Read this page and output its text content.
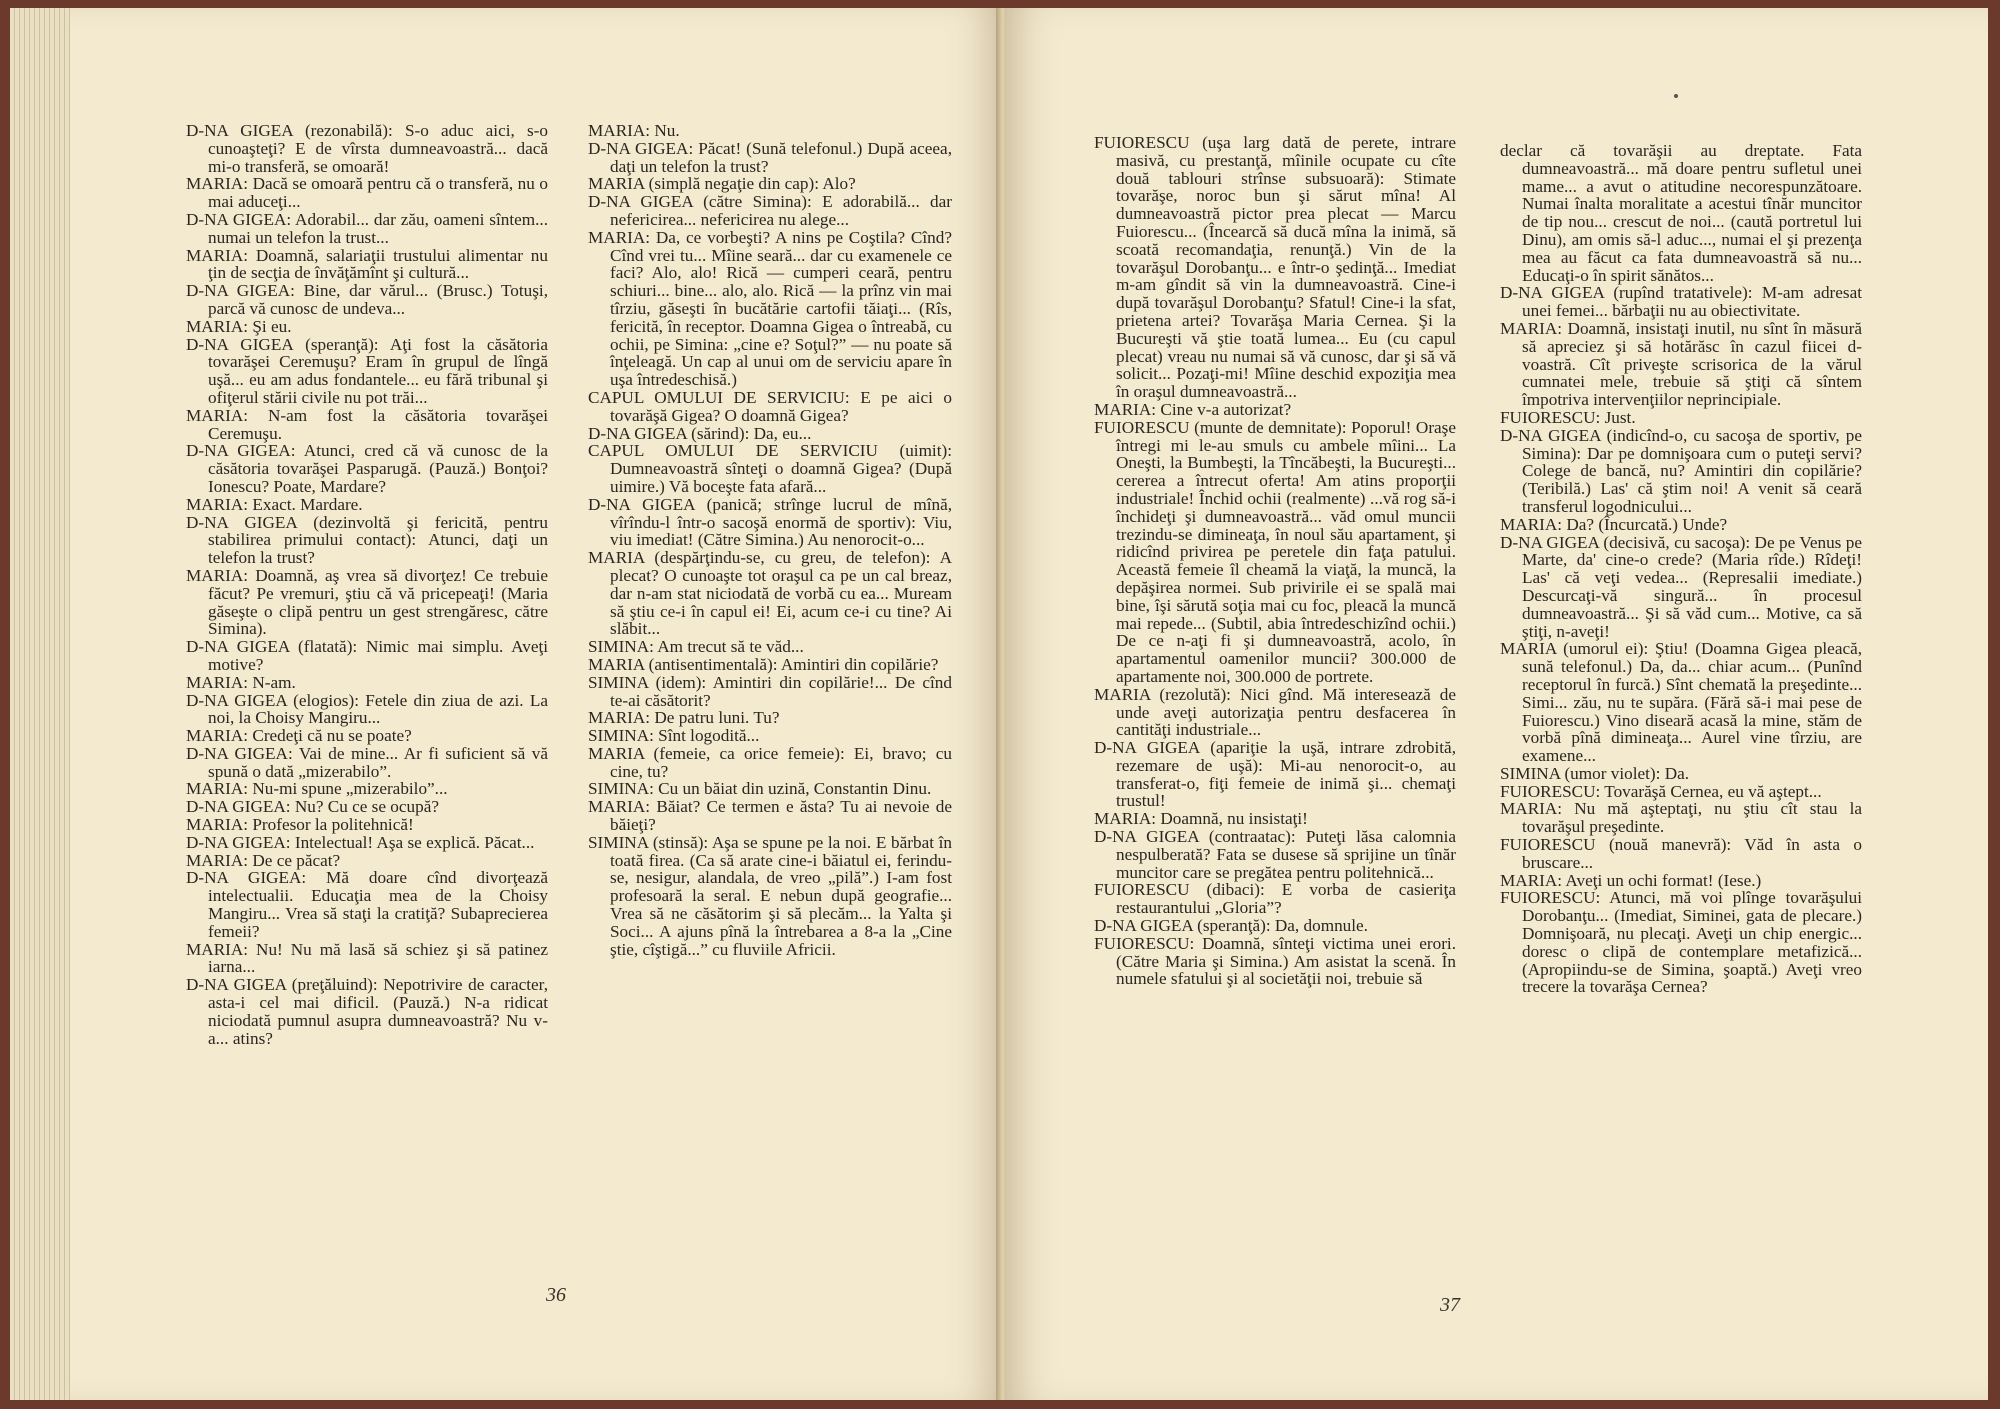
D-NA GIGEA (rezonabilă): S-o aduc aici, s-o cunoaşteţi? E de vîrsta dumneavoastră... dacă mi-o transferă, se omoară!

MARIA: Dacă se omoară pentru că o transferă, nu o mai aduceţi...

D-NA GIGEA: Adorabil... dar zău, oameni sîntem... numai un telefon la trust...

MARIA: Doamnă, salariaţii trustului alimentar nu ţin de secţia de învăţămînt şi cultură...

D-NA GIGEA: Bine, dar vărul... (Brusc.) Totuşi, parcă vă cunosc de undeva...

MARIA: Şi eu.

D-NA GIGEA (speranţă): Aţi fost la căsătoria tovarăşei Ceremuşu? Eram în grupul de lîngă uşă... eu am adus fondantele... eu fără tribunal şi ofiţerul stării civile nu pot trăi...

MARIA: N-am fost la căsătoria tovarăşei Ceremuşu.

D-NA GIGEA: Atunci, cred că vă cunosc de la căsătoria tovarăşei Pasparugă. (Pauză.) Bonţoi? Ionescu? Poate, Mardare?

MARIA: Exact. Mardare.

D-NA GIGEA (dezinvoltă şi fericită, pentru stabilirea primului contact): Atunci, daţi un telefon la trust?

MARIA: Doamnă, aş vrea să divorţez! Ce trebuie făcut? Pe vremuri, ştiu că vă pricepeaţi! (Maria găseşte o clipă pentru un gest strengăresc, către Simina).

D-NA GIGEA (flatată): Nimic mai simplu. Aveţi motive?

MARIA: N-am.

D-NA GIGEA (elogios): Fetele din ziua de azi. La noi, la Choisy Mangiru...

MARIA: Credeţi că nu se poate?

D-NA GIGEA: Vai de mine... Ar fi suficient să vă spună o dată „mizerabilo”.

MARIA: Nu-mi spune „mizerabilo”...

D-NA GIGEA: Nu? Cu ce se ocupă?

MARIA: Profesor la politehnică!

D-NA GIGEA: Intelectual! Aşa se explică. Păcat...

MARIA: De ce păcat?

D-NA GIGEA: Mă doare cînd divorţează intelectualii. Educaţia mea de la Choisy Mangiru... Vrea să staţi la cratiţă? Subaprecierea femeii?

MARIA: Nu! Nu mă lasă să schiez şi să patinez iarna...

D-NA GIGEA (preţăluind): Nepotrivire de caracter, asta-i cel mai dificil. (Pauză.) N-a ridicat niciodată pumnul asupra dumneavoastră? Nu v-a... atins?

MARIA: Nu.

D-NA GIGEA: Păcat! (Sună telefonul.) După aceea, daţi un telefon la trust?

MARIA (simplă negaţie din cap): Alo?

D-NA GIGEA (către Simina): E adorabilă... dar nefericirea... nefericirea nu alege...

MARIA: Da, ce vorbeşti? A nins pe Coştila? Cînd? Cînd vrei tu... Mîine seară... dar cu examenele ce faci? Alo, alo! Rică — cumperi ceară, pentru schiuri... bine... alo, alo. Rică — la prînz vin mai tîrziu, găseşti în bucătărie cartofii tăiaţi... (Rîs, fericită, în receptor. Doamna Gigea o întreabă, cu ochii, pe Simina: „cine e? Soţul?” — nu poate să înţeleagă. Un cap al unui om de serviciu apare în uşa întredeschisă.)

CAPUL OMULUI DE SERVICIU: E pe aici o tovarăşă Gigea? O doamnă Gigea?

D-NA GIGEA (sărind): Da, eu...

CAPUL OMULUI DE SERVICIU (uimit): Dumneavoastră sînteţi o doamnă Gigea? (După uimire.) Vă boceşte fata afară...

D-NA GIGEA (panică; strînge lucrul de mînă, vîrîndu-l într-o sacoşă enormă de sportiv): Viu, viu imediat! (Către Simina.) Au nenorocit-o...

MARIA (despărţindu-se, cu greu, de telefon): A plecat? O cunoaşte tot oraşul ca pe un cal breaz, dar n-am stat niciodată de vorbă cu ea... Muream să ştiu ce-i în capul ei! Ei, acum ce-i cu tine? Ai slăbit...

SIMINA: Am trecut să te văd...

MARIA (antisentimentală): Amintiri din copilărie?

SIMINA (idem): Amintiri din copilărie!... De cînd te-ai căsătorit?

MARIA: De patru luni. Tu?

SIMINA: Sînt logodită...

MARIA (femeie, ca orice femeie): Ei, bravo; cu cine, tu?

SIMINA: Cu un băiat din uzină, Constantin Dinu.

MARIA: Băiat? Ce termen e ăsta? Tu ai nevoie de băieţi?

SIMINA (stinsă): Aşa se spune pe la noi. E bărbat în toată firea. (Ca să arate cine-i băiatul ei, ferindu-se, nesigur, alandala, de vreo „pilă”.) I-am fost profesoară la seral. E nebun după geografie... Vrea să ne căsătorim şi să plecăm... la Yalta şi Soci... A ajuns pînă la întrebarea a 8-a la „Cine ştie, cîştigă...” cu fluviile Africii.

36

FUIORESCU (uşa larg dată de perete, intrare masivă, cu prestanţă, mîinile ocupate cu cîte două tablouri strînse subsuoară): Stimate tovarăşe, noroc bun şi sărut mîna! Al dumneavoastră pictor prea plecat — Marcu Fuiorescu... (Încearcă să ducă mîna la inimă, să scoată recomandaţia, renunţă.) Vin de la tovarăşul Dorobanţu... e într-o şedinţă... Imediat m-am gîndit să vin la dumneavoastră. Cine-i după tovarăşul Dorobanţu? Sfatul! Cine-i la sfat, prietena artei? Tovarăşa Maria Cernea. Şi la Bucureşti vă ştie toată lumea... Eu (cu capul plecat) vreau nu numai să vă cunosc, dar şi să vă solicit... Pozaţi-mi! Mîine deschid expoziţia mea în oraşul dumneavoastră...

MARIA: Cine v-a autorizat?

FUIORESCU (munte de demnitate): Poporul! Oraşe întregi mi le-au smuls cu ambele mîini... La Oneşti, la Bumbeşti, la Tîncăbeşti, la Bucureşti... cererea a întrecut oferta! Am atins proporţii industriale! Închid ochii (realmente) ...vă rog să-i închideţi şi dumneavoastră... văd omul muncii trezindu-se dimineaţa, în noul său apartament, şi ridicînd privirea pe peretele din faţa patului. Această femeie îl cheamă la viaţă, la muncă, la depăşirea normei. Sub privirile ei se spală mai bine, îşi sărută soţia mai cu foc, pleacă la muncă mai repede... (Subtil, abia întredeschizînd ochii.) De ce n-aţi fi şi dumneavoastră, acolo, în apartamentul oamenilor muncii? 300.000 de apartamente noi, 300.000 de portrete.

MARIA (rezolută): Nici gînd. Mă interesează de unde aveţi autorizaţia pentru desfacerea în cantităţi industriale...

D-NA GIGEA (apariţie la uşă, intrare zdrobită, rezemare de uşă): Mi-au nenorocit-o, au transferat-o, fiţi femeie de inimă şi... chemaţi trustul!

MARIA: Doamnă, nu insistaţi!

D-NA GIGEA (contraatac): Puteţi lăsa calomnia nespulberată? Fata se dusese să sprijine un tînăr muncitor care se pregătea pentru politehnică...

FUIORESCU (dibaci): E vorba de casieriţa restaurantului „Gloria”?

D-NA GIGEA (speranţă): Da, domnule.

FUIORESCU: Doamnă, sînteţi victima unei erori. (Către Maria şi Simina.) Am asistat la scenă. În numele sfatului şi al societăţii noi, trebuie să

declar că tovarăşii au dreptate. Fata dumneavoastră... mă doare pentru sufletul unei mame... a avut o atitudine necorespunzătoare. Numai înalta moralitate a acestui tînăr muncitor de tip nou... crescut de noi... (caută portretul lui Dinu), am omis să-l aduc..., numai el şi prezenţa mea au făcut ca fata dumneavoastră să nu... Educaţi-o în spirit sănătos...

D-NA GIGEA (rupînd tratativele): M-am adresat unei femei... bărbaţii nu au obiectivitate.

MARIA: Doamnă, insistaţi inutil, nu sînt în măsură să apreciez şi să hotărăsc în cazul fiicei d-voastră. Cît priveşte scrisorica de la vărul cumnatei mele, trebuie să ştiţi că sîntem împotriva intervenţiilor neprincipiale.

FUIORESCU: Just.

D-NA GIGEA (indicînd-o, cu sacoşa de sportiv, pe Simina): Dar pe domnişoara cum o puteţi servi? Colege de bancă, nu? Amintiri din copilărie? (Teribilă.) Las' că ştim noi! A venit să ceară transferul logodnicului...

MARIA: Da? (Încurcată.) Unde?

D-NA GIGEA (decisivă, cu sacoşa): De pe Venus pe Marte, da' cine-o crede? (Maria rîde.) Rîdeţi! Las' că veţi vedea... (Represalii imediate.) Descurcaţi-vă singură... în procesul dumneavoastră... Şi să văd cum... Motive, ca să ştiţi, n-aveţi!

MARIA (umorul ei): Ştiu! (Doamna Gigea pleacă, sună telefonul.) Da, da... chiar acum... (Punînd receptorul în furcă.) Sînt chemată la preşedinte... Simi... zău, nu te supăra. (Fără să-i mai pese de Fuiorescu.) Vino diseară acasă la mine, stăm de vorbă pînă dimineaţa... Aurel vine tîrziu, are examene...

SIMINA (umor violet): Da.

FUIORESCU: Tovarăşă Cernea, eu vă aştept...

MARIA: Nu mă aşteptaţi, nu ştiu cît stau la tovarăşul preşedinte.

FUIORESCU (nouă manevră): Văd în asta o bruscare...

MARIA: Aveţi un ochi format! (Iese.)

FUIORESCU: Atunci, mă voi plînge tovarăşului Dorobanţu... (Imediat, Siminei, gata de plecare.) Domnişoară, nu plecaţi. Aveţi un chip energic... doresc o clipă de contemplare metafizică... (Apropiindu-se de Simina, şoaptă.) Aveţi vreo trecere la tovarăşa Cernea?

37
